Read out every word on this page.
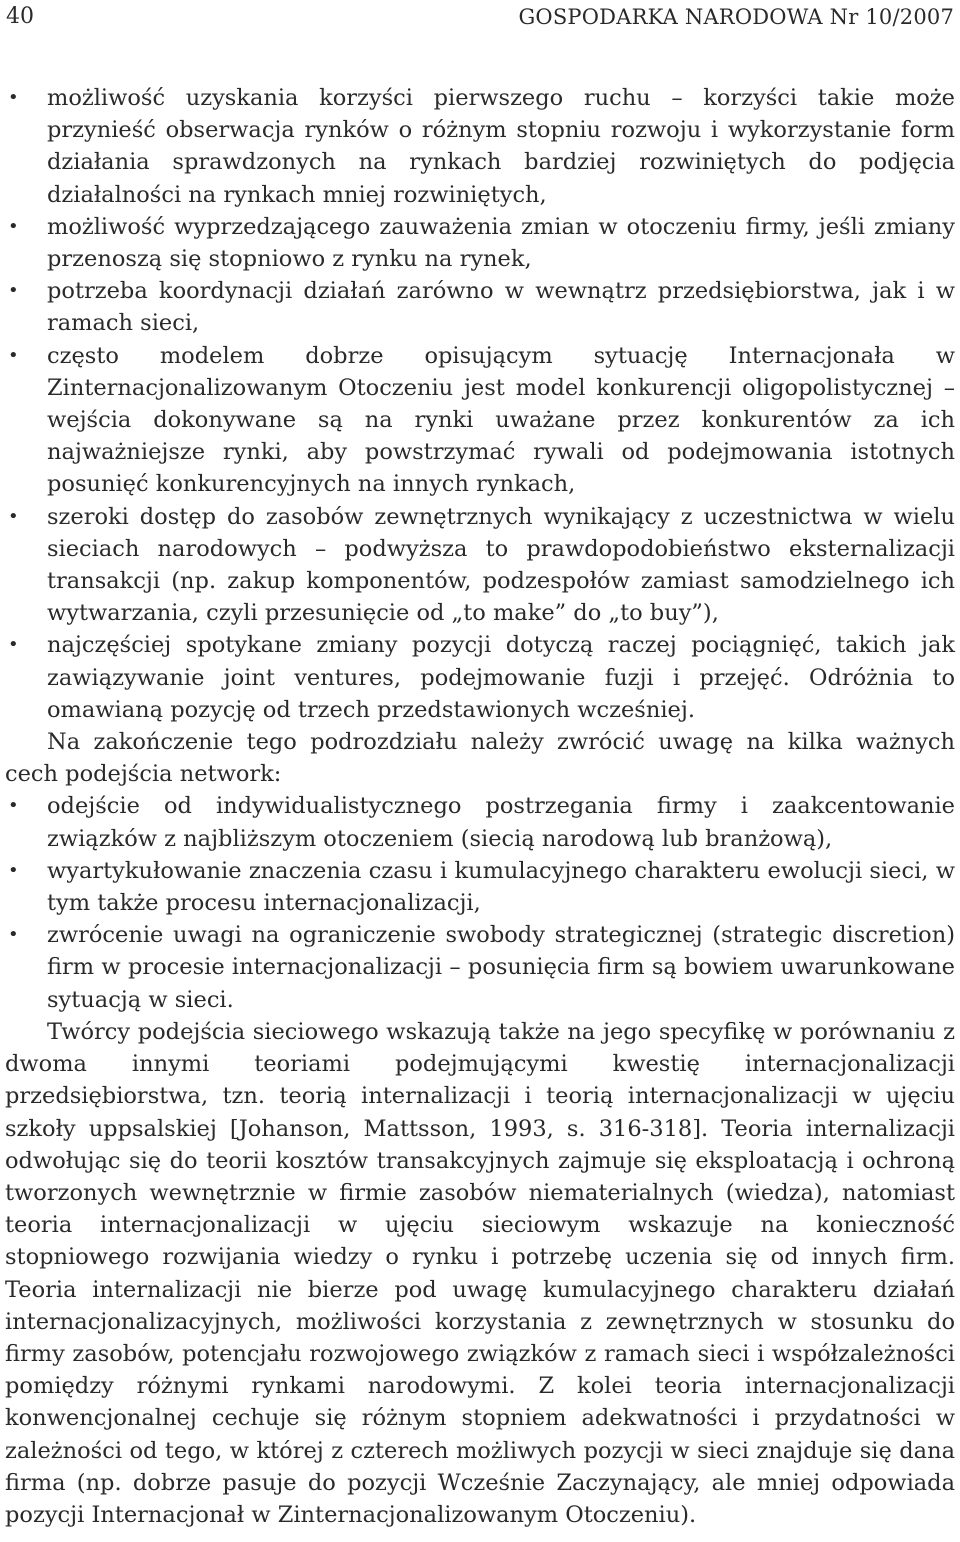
40	GOSPODARKA NARODOWA Nr 10/2007
• możliwość uzyskania korzyści pierwszego ruchu – korzyści takie może przynieść obserwacja rynków o różnym stopniu rozwoju i wykorzystanie form działania sprawdzonych na rynkach bardziej rozwiniętych do podjęcia działalności na rynkach mniej rozwiniętych,
• możliwość wyprzedzającego zauważenia zmian w otoczeniu firmy, jeśli zmiany przenoszą się stopniowo z rynku na rynek,
• potrzeba koordynacji działań zarówno w wewnątrz przedsiębiorstwa, jak i w ramach sieci,
• często modelem dobrze opisującym sytuację Internacjonała w Zinternacjonalizowanym Otoczeniu jest model konkurencji oligopolistycznej – wejścia dokonywane są na rynki uważane przez konkurentów za ich najważniejsze rynki, aby powstrzymać rywali od podejmowania istotnych posunięć konkurencyjnych na innych rynkach,
• szeroki dostęp do zasobów zewnętrznych wynikający z uczestnictwa w wielu sieciach narodowych – podwyższa to prawdopodobieństwo eksternalizacji transakcji (np. zakup komponentów, podzespołów zamiast samodzielnego ich wytwarzania, czyli przesunięcie od „to make” do „to buy”),
• najczęściej spotykane zmiany pozycji dotyczą raczej pociągnięć, takich jak zawiązywanie joint ventures, podejmowanie fuzji i przejęć. Odróżnia to omawianą pozycję od trzech przedstawionych wcześniej.

Na zakończenie tego podrozdziału należy zwrócić uwagę na kilka ważnych cech podejścia network:

• odejście od indywidualistycznego postrzegania firmy i zaakcentowanie związków z najbliższym otoczeniem (siecią narodową lub branżową),
• wyartykułowanie znaczenia czasu i kumulacyjnego charakteru ewolucji sieci, w tym także procesu internacjonalizacji,
• zwrócenie uwagi na ograniczenie swobody strategicznej (strategic discretion) firm w procesie internacjonalizacji – posunięcia firm są bowiem uwarunkowane sytuacją w sieci.

Twórcy podejścia sieciowego wskazują także na jego specyfikę w porównaniu z dwoma innymi teoriami podejmującymi kwestię internacjonalizacji przedsiębiorstwa, tzn. teorią internalizacji i teorią internacjonalizacji w ujęciu szkoły uppsalskiej [Johanson, Mattsson, 1993, s. 316-318]. Teoria internalizacji odwołując się do teorii kosztów transakcyjnych zajmuje się eksploatacją i ochroną tworzonych wewnętrznie w firmie zasobów niematerialnych (wiedza), natomiast teoria internacjonalizacji w ujęciu sieciowym wskazuje na konieczność stopniowego rozwijania wiedzy o rynku i potrzebę uczenia się od innych firm. Teoria internalizacji nie bierze pod uwagę kumulacyjnego charakteru działań internacjonalizacyjnych, możliwości korzystania z zewnętrznych w stosunku do firmy zasobów, potencjału rozwojowego związków z ramach sieci i współzależności pomiędzy różnymi rynkami narodowymi. Z kolei teoria internacjonalizacji konwencjonalnej cechuje się różnym stopniem adekwatności i przydatności w zależności od tego, w której z czterech możliwych pozycji w sieci znajduje się dana firma (np. dobrze pasuje do pozycji Wcześnie Zaczynający, ale mniej odpowiada pozycji Internacjonał w Zinternacjonalizowanym Otoczeniu).
